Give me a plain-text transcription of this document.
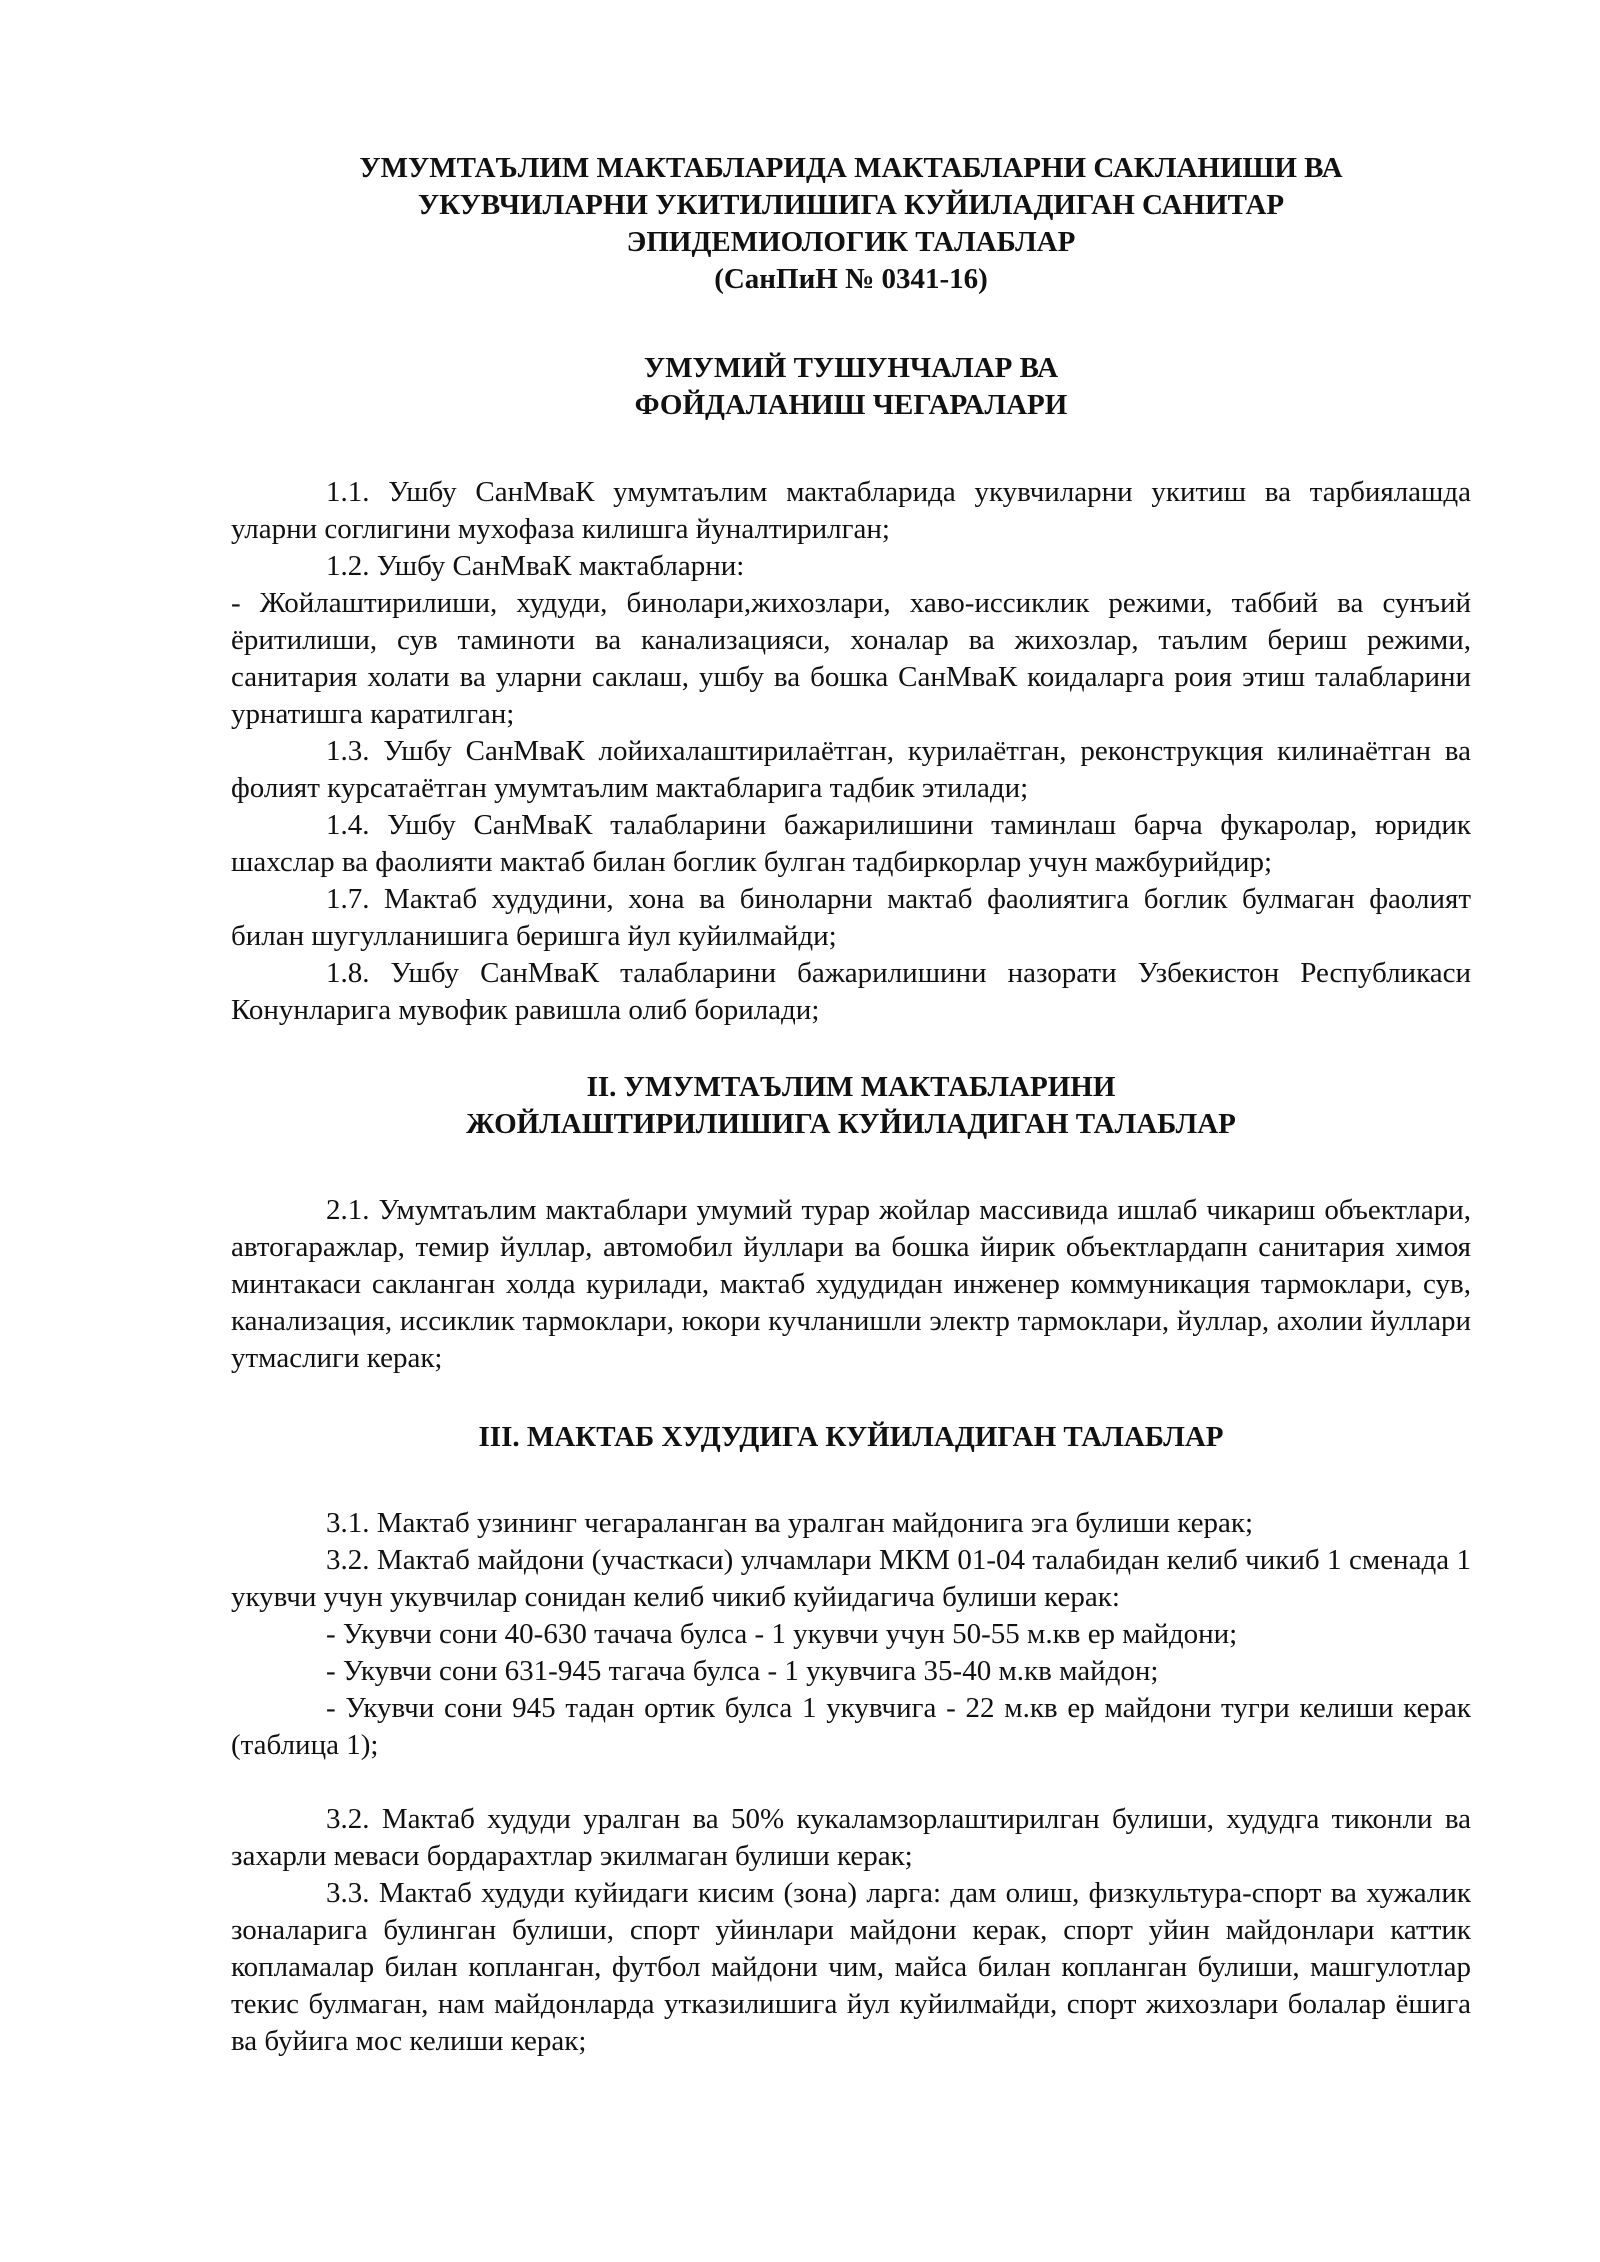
УМУМТАЪЛИМ МАКТАБЛАРИДА МАКТАБЛАРНИ САКЛАНИШИ ВА
УКУВЧИЛАРНИ УКИТИЛИШИГА КУЙИЛАДИГАН САНИТАР
ЭПИДЕМИОЛОГИК ТАЛАБЛАР
(СанПиН № 0341-16)
УМУМИЙ ТУШУНЧАЛАР ВА
ФОЙДАЛАНИШ ЧЕГАРАЛАРИ

1.1. Ушбу СанМваК умумтаълим мактабларида укувчиларни укитиш ва тарбиялашда уларни соглигини мухофаза килишга йуналтирилган;

1.2. Ушбу СанМваК мактабларни:

- Жойлаштирилиши, худуди, бинолари,жихозлари, хаво-иссиклик режими, таббий ва сунъий ёритилиши, сув таминоти ва канализацияси, хоналар ва жихозлар, таълим бериш режими, санитария холати ва уларни саклаш, ушбу ва бошка СанМваК коидаларга роия этиш талабларини урнатишга каратилган;

1.3. Ушбу СанМваК лойихалаштирилаётган, курилаётган, реконструкция килинаётган ва фолият курсатаётган умумтаълим мактабларига тадбик этилади;

1.4. Ушбу СанМваК талабларини бажарилишини таминлаш барча фукаролар, юридик шахслар ва фаолияти мактаб билан боглик булган тадбиркорлар учун мажбурийдир;

1.7. Мактаб худудини, хона ва биноларни мактаб фаолиятига боглик булмаган фаолият билан шугулланишига беришга йул куйилмайди;

1.8. Ушбу СанМваК талабларини бажарилишини назорати Узбекистон Республикаси Конунларига мувофик равишла олиб борилади;

II. УМУМТАЪЛИМ МАКТАБЛАРИНИ
ЖОЙЛАШТИРИЛИШИГА КУЙИЛАДИГАН ТАЛАБЛАР

2.1. Умумтаълим мактаблари умумий турар жойлар массивида ишлаб чикариш объектлари, автогаражлар, темир йуллар, автомобил йуллари ва бошка йирик объектлардапн санитария химоя минтакаси сакланган холда курилади, мактаб худудидан инженер коммуникация тармоклари, сув, канализация, иссиклик тармоклари, юкори кучланишли электр тармоклари, йуллар, ахолии йуллари утмаслиги керак;

III. МАКТАБ ХУДУДИГА КУЙИЛАДИГАН ТАЛАБЛАР

3.1. Мактаб узининг чегараланган ва уралган майдонига эга булиши керак;

3.2. Мактаб майдони (участкаси) улчамлари МКМ 01-04 талабидан келиб чикиб 1 сменада 1 укувчи учун укувчилар сонидан келиб чикиб куйидагича булиши керак:

- Укувчи сони 40-630 тачача булса - 1 укувчи учун 50-55 м.кв ер майдони;

- Укувчи сони 631-945 тагача булса - 1 укувчига 35-40 м.кв майдон;

- Укувчи сони 945 тадан ортик булса 1 укувчига - 22 м.кв ер майдони тугри келиши керак (таблица 1);

3.2. Мактаб худуди уралган ва 50% кукаламзорлаштирилган булиши, худудга тиконли ва захарли меваси бордарахтлар экилмаган булиши керак;

3.3. Мактаб худуди куйидаги кисим (зона) ларга: дам олиш, физкультура-спорт ва хужалик зоналарига булинган булиши, спорт уйинлари майдони керак, спорт уйин майдонлари каттик копламалар билан копланган, футбол майдони чим, майса билан копланган булиши, машгулотлар текис булмаган, нам майдонларда утказилишига йул куйилмайди, спорт жихозлари болалар ёшига ва буйига мос келиши керак;
